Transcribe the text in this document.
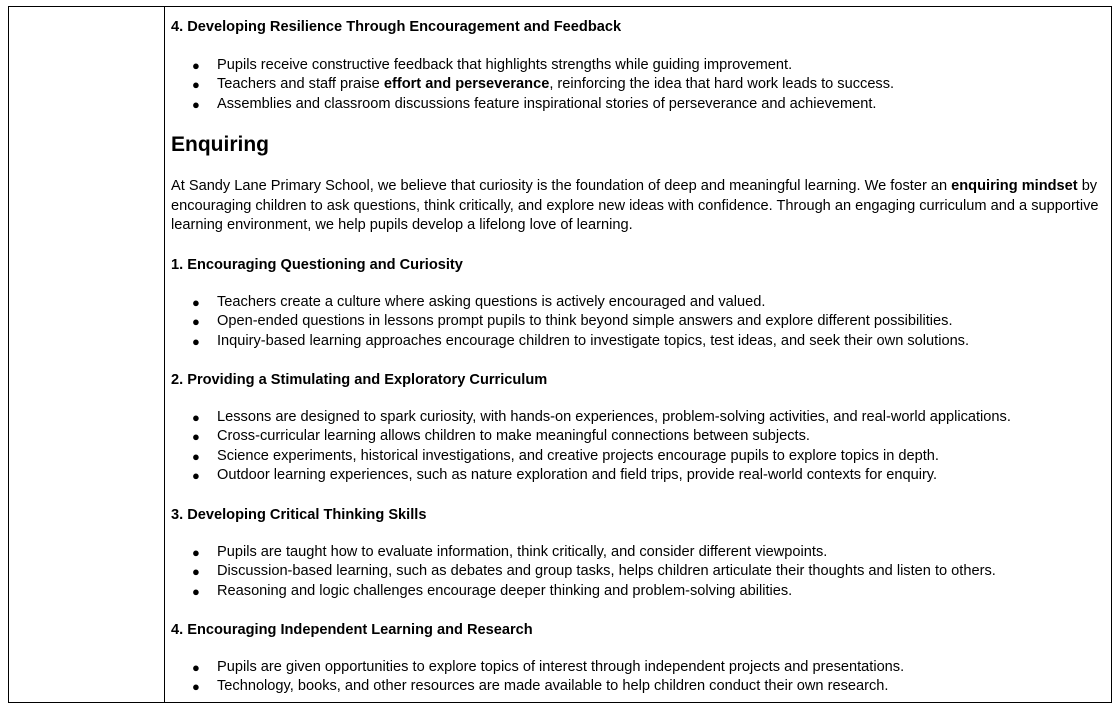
4. Developing Resilience Through Encouragement and Feedback

● Pupils receive constructive feedback that highlights strengths while guiding improvement.
● Teachers and staff praise effort and perseverance, reinforcing the idea that hard work leads to success.
● Assemblies and classroom discussions feature inspirational stories of perseverance and achievement.

Enquiring

At Sandy Lane Primary School, we believe that curiosity is the foundation of deep and meaningful learning. We foster an enquiring mindset by encouraging children to ask questions, think critically, and explore new ideas with confidence. Through an engaging curriculum and a supportive learning environment, we help pupils develop a lifelong love of learning.

1. Encouraging Questioning and Curiosity

● Teachers create a culture where asking questions is actively encouraged and valued.
● Open-ended questions in lessons prompt pupils to think beyond simple answers and explore different possibilities.
● Inquiry-based learning approaches encourage children to investigate topics, test ideas, and seek their own solutions.

2. Providing a Stimulating and Exploratory Curriculum

● Lessons are designed to spark curiosity, with hands-on experiences, problem-solving activities, and real-world applications.
● Cross-curricular learning allows children to make meaningful connections between subjects.
● Science experiments, historical investigations, and creative projects encourage pupils to explore topics in depth.
● Outdoor learning experiences, such as nature exploration and field trips, provide real-world contexts for enquiry.

3. Developing Critical Thinking Skills

● Pupils are taught how to evaluate information, think critically, and consider different viewpoints.
● Discussion-based learning, such as debates and group tasks, helps children articulate their thoughts and listen to others.
● Reasoning and logic challenges encourage deeper thinking and problem-solving abilities.

4. Encouraging Independent Learning and Research

● Pupils are given opportunities to explore topics of interest through independent projects and presentations.
● Technology, books, and other resources are made available to help children conduct their own research.
